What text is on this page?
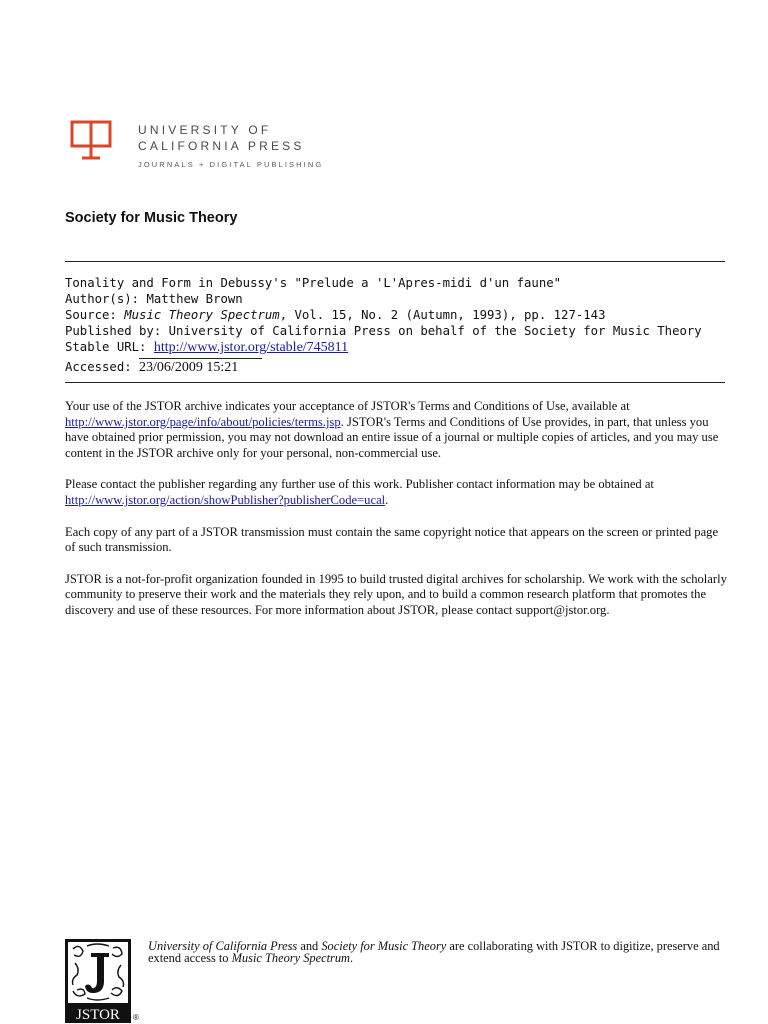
UNIVERSITY OF
CALIFORNIA PRESS
JOURNALS + DIGITAL PUBLISHING
Society for Music Theory
Tonality and Form in Debussy's "Prelude a 'L'Apres-midi d'un faune"
Author(s): Matthew Brown
Source: Music Theory Spectrum, Vol. 15, No. 2 (Autumn, 1993), pp. 127-143
Published by: University of California Press on behalf of the Society for Music Theory
Stable URL: http://www.jstor.org/stable/745811
Accessed: 23/06/2009 15:21

Your use of the JSTOR archive indicates your acceptance of JSTOR's Terms and Conditions of Use, available at http://www.jstor.org/page/info/about/policies/terms.jsp. JSTOR's Terms and Conditions of Use provides, in part, that unless you have obtained prior permission, you may not download an entire issue of a journal or multiple copies of articles, and you may use content in the JSTOR archive only for your personal, non-commercial use.

Please contact the publisher regarding any further use of this work. Publisher contact information may be obtained at http://www.jstor.org/action/showPublisher?publisherCode=ucal.

Each copy of any part of a JSTOR transmission must contain the same copyright notice that appears on the screen or printed page of such transmission.

JSTOR is a not-for-profit organization founded in 1995 to build trusted digital archives for scholarship. We work with the scholarly community to preserve their work and the materials they rely upon, and to build a common research platform that promotes the discovery and use of these resources. For more information about JSTOR, please contact support@jstor.org.

JSTOR ®
University of California Press and Society for Music Theory are collaborating with JSTOR to digitize, preserve and extend access to Music Theory Spectrum.
